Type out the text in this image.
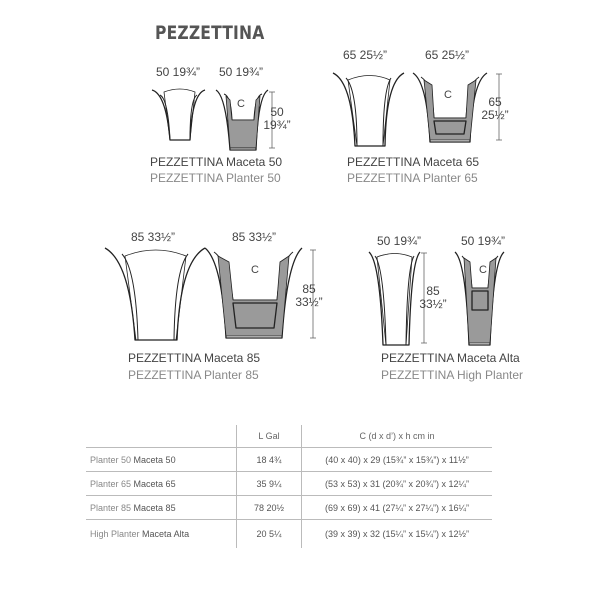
PEZZETTINA
C
C
C	C
50 19¾” 50 19¾”
65 25½”	65 25½”
85 33½”	85 33½”	50 19¾”	50 19¾”
50
19¾”
65
25½”
85
33½”
85
33½”
PEZZETTINA Maceta 50
PEZZETTINA Planter 50
PEZZETTINA Maceta 65
PEZZETTINA Planter 65
PEZZETTINA Maceta 85
PEZZETTINA Planter 85
PEZZETTINA Maceta Alta
PEZZETTINA High Planter
	L Gal	C (d x d’) x h cm in
Planter 50 Maceta 50	18 4¾	(40 x 40) x 29 (15¾” x 15¾”) x 11½”
Planter 65 Maceta 65	35 9¼	(53 x 53) x 31 (20¾” x 20¾”) x 12¼”
Planter 85 Maceta 85	78 20½	(69 x 69) x 41 (27¼” x 27¼”) x 16¼”
High Planter Maceta Alta	20 5¼	(39 x 39) x 32 (15¼” x 15¼”) x 12½”
